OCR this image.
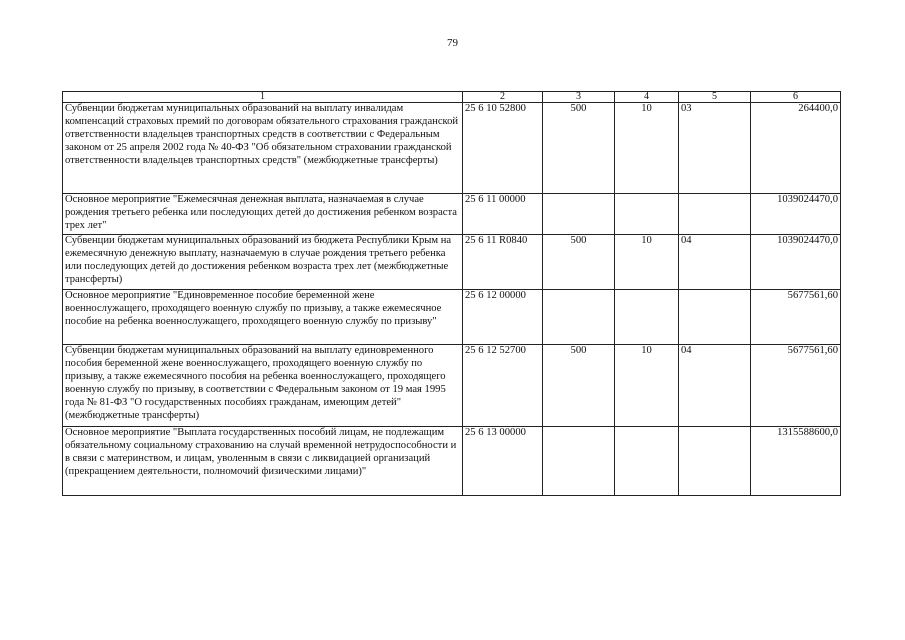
79
1	2	3	4	5	6
Субвенции бюджетам муниципальных образований на выплату инвалидам компенсаций страховых премий по договорам обязательного страхования гражданской ответственности владельцев транспортных средств в соответствии с Федеральным законом от 25 апреля 2002 года № 40-ФЗ "Об обязательном страховании гражданской ответственности владельцев транспортных средств" (межбюджетные трансферты)	25 6 10 52800	500	10	03	264400,0
Основное мероприятие "Ежемесячная денежная выплата, назначаемая в случае рождения третьего ребенка или последующих детей до достижения ребенком возраста трех лет"	25 6 11 00000				1039024470,0
Субвенции бюджетам муниципальных образований из бюджета Республики Крым на ежемесячную денежную выплату, назначаемую в случае рождения третьего ребенка или последующих детей до достижения ребенком возраста трех лет (межбюджетные трансферты)	25 6 11 R0840	500	10	04	1039024470,0
Основное мероприятие "Единовременное пособие беременной жене военнослужащего, проходящего военную службу по призыву, а также ежемесячное пособие на ребенка военнослужащего, проходящего военную службу по призыву"	25 6 12 00000				5677561,60
Субвенции бюджетам муниципальных образований на выплату единовременного пособия беременной жене военнослужащего, проходящего военную службу по призыву, а также ежемесячного пособия на ребенка военнослужащего, проходящего военную службу по призыву, в соответствии с Федеральным законом от 19 мая 1995 года № 81-ФЗ "О государственных пособиях гражданам, имеющим детей" (межбюджетные трансферты)	25 6 12 52700	500	10	04	5677561,60
Основное мероприятие "Выплата государственных пособий лицам, не подлежащим обязательному социальному страхованию на случай временной нетрудоспособности и в связи с материнством, и лицам, уволенным в связи с ликвидацией организаций (прекращением деятельности, полномочий физическими лицами)"	25 6 13 00000				1315588600,0
